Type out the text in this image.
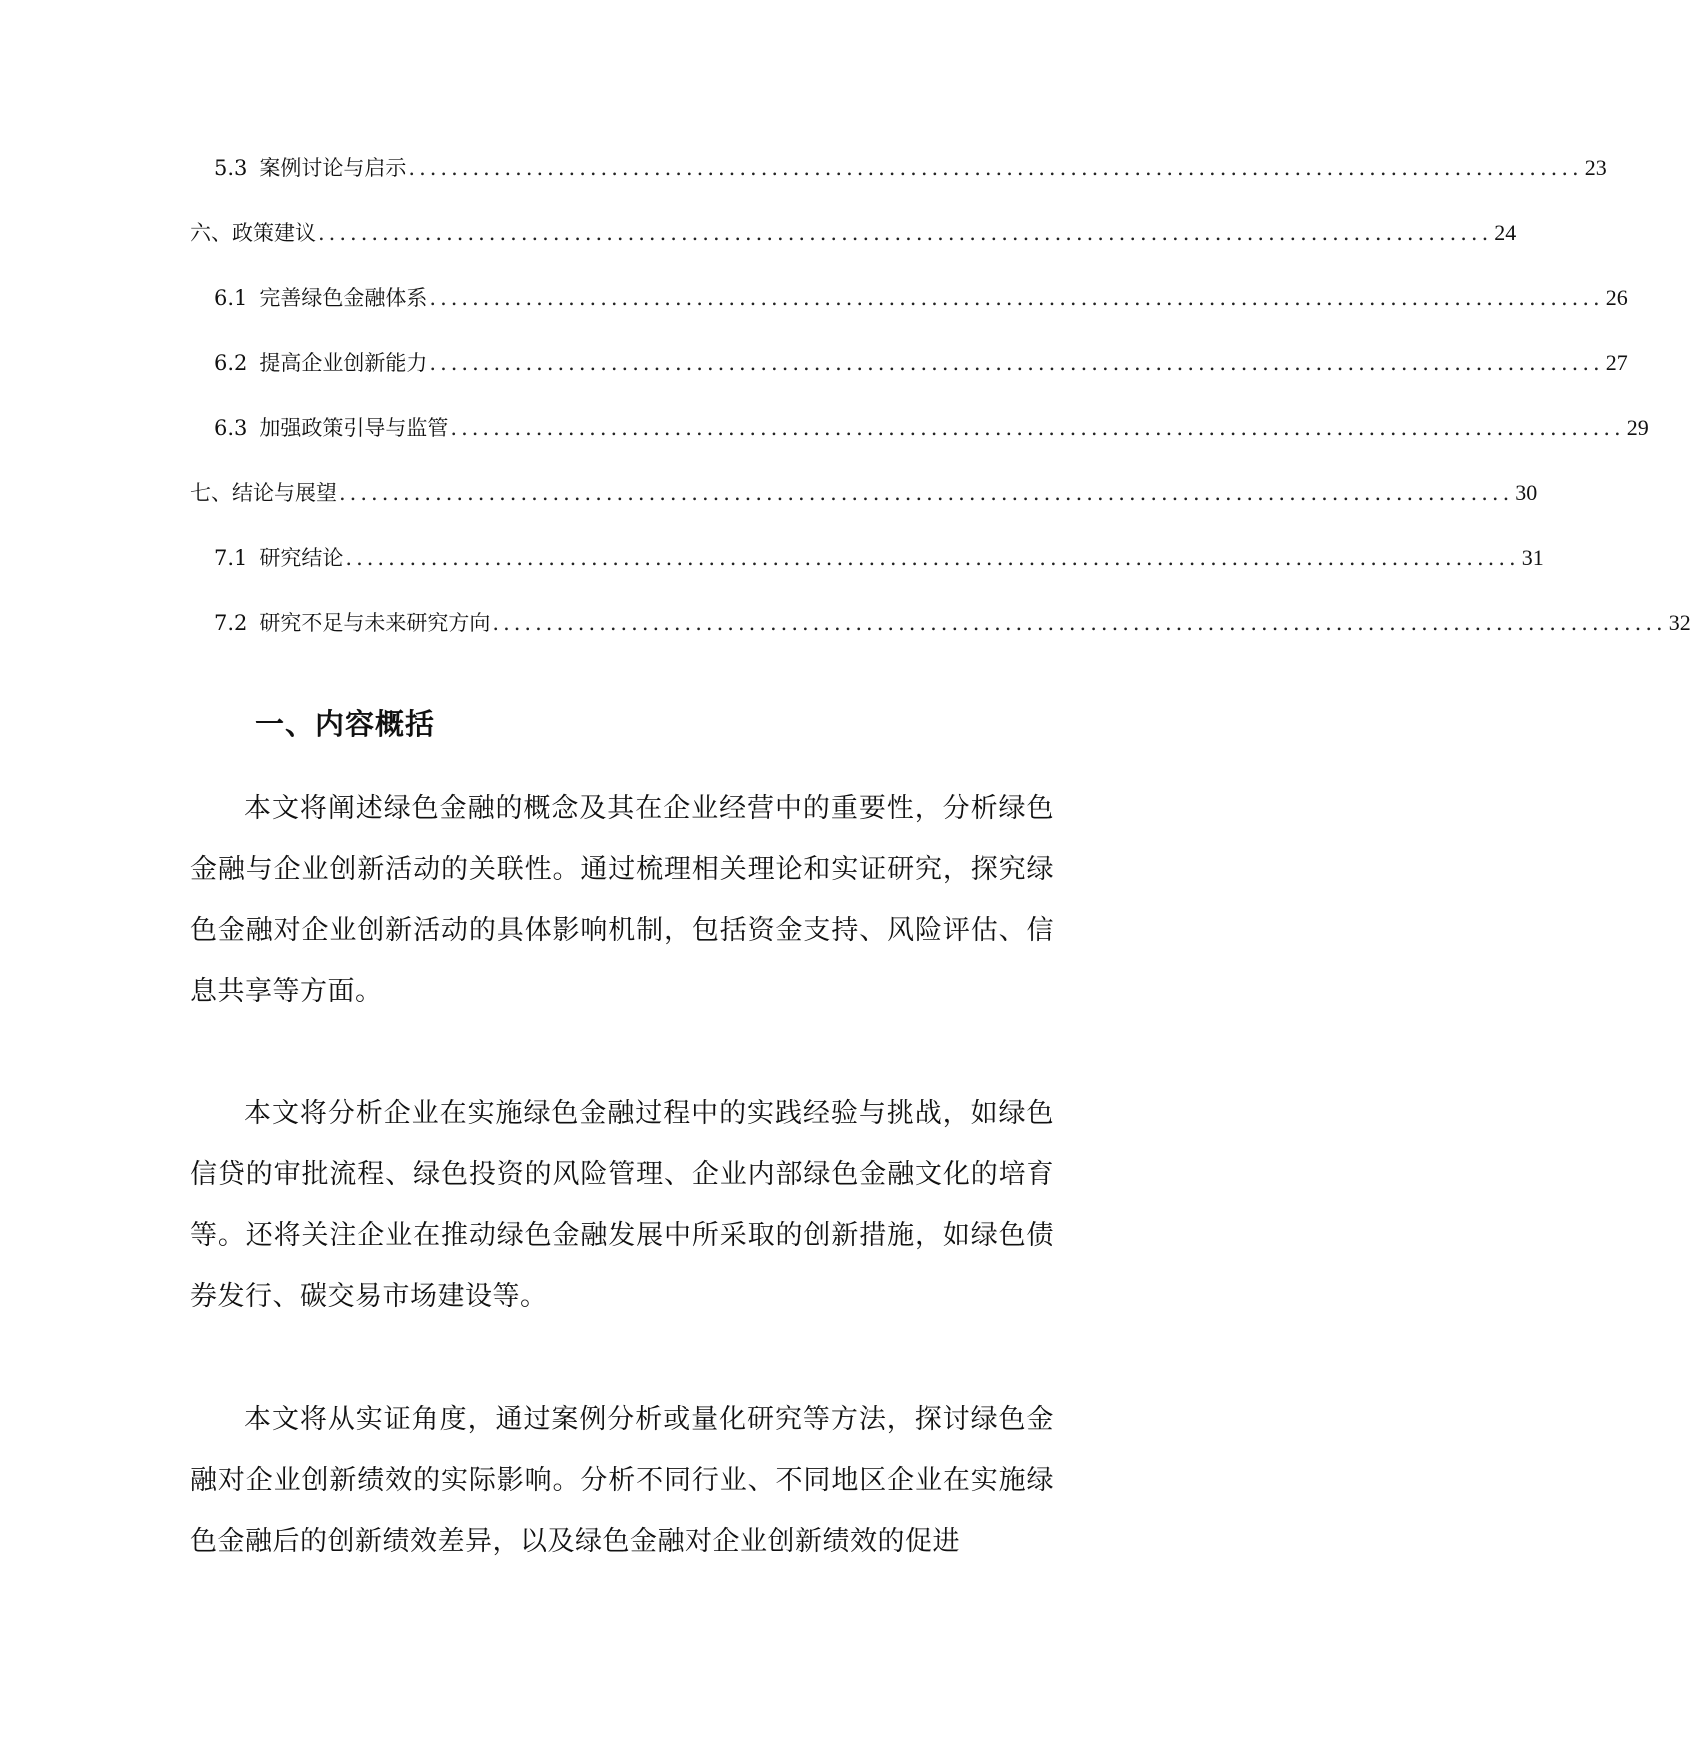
5.3 案例讨论与启示 .............................................................................................................. 23
六、 政策建议 .............................................................................................................. 24
6.1 完善绿色金融体系 .............................................................................................................. 26
6.2 提高企业创新能力 .............................................................................................................. 27
6.3 加强政策引导与监管 .............................................................................................................. 29
七、 结论与展望 .............................................................................................................. 30
7.1 研究结论 .............................................................................................................. 31
7.2 研究不足与未来研究方向 .............................................................................................................. 32
一、内容概括

本文将阐述绿色金融的概念及其在企业经营中的重要性，分析绿色金融与企业创新活动的关联性。通过梳理相关理论和实证研究，探究绿色金融对企业创新活动的具体影响机制，包括资金支持、风险评估、信息共享等方面。

本文将分析企业在实施绿色金融过程中的实践经验与挑战，如绿色信贷的审批流程、绿色投资的风险管理、企业内部绿色金融文化的培育等。还将关注企业在推动绿色金融发展中所采取的创新措施，如绿色债券发行、碳交易市场建设等。

本文将从实证角度，通过案例分析或量化研究等方法，探讨绿色金融对企业创新绩效的实际影响。分析不同行业、不同地区企业在实施绿色金融后的创新绩效差异，以及绿色金融对企业创新绩效的促进
